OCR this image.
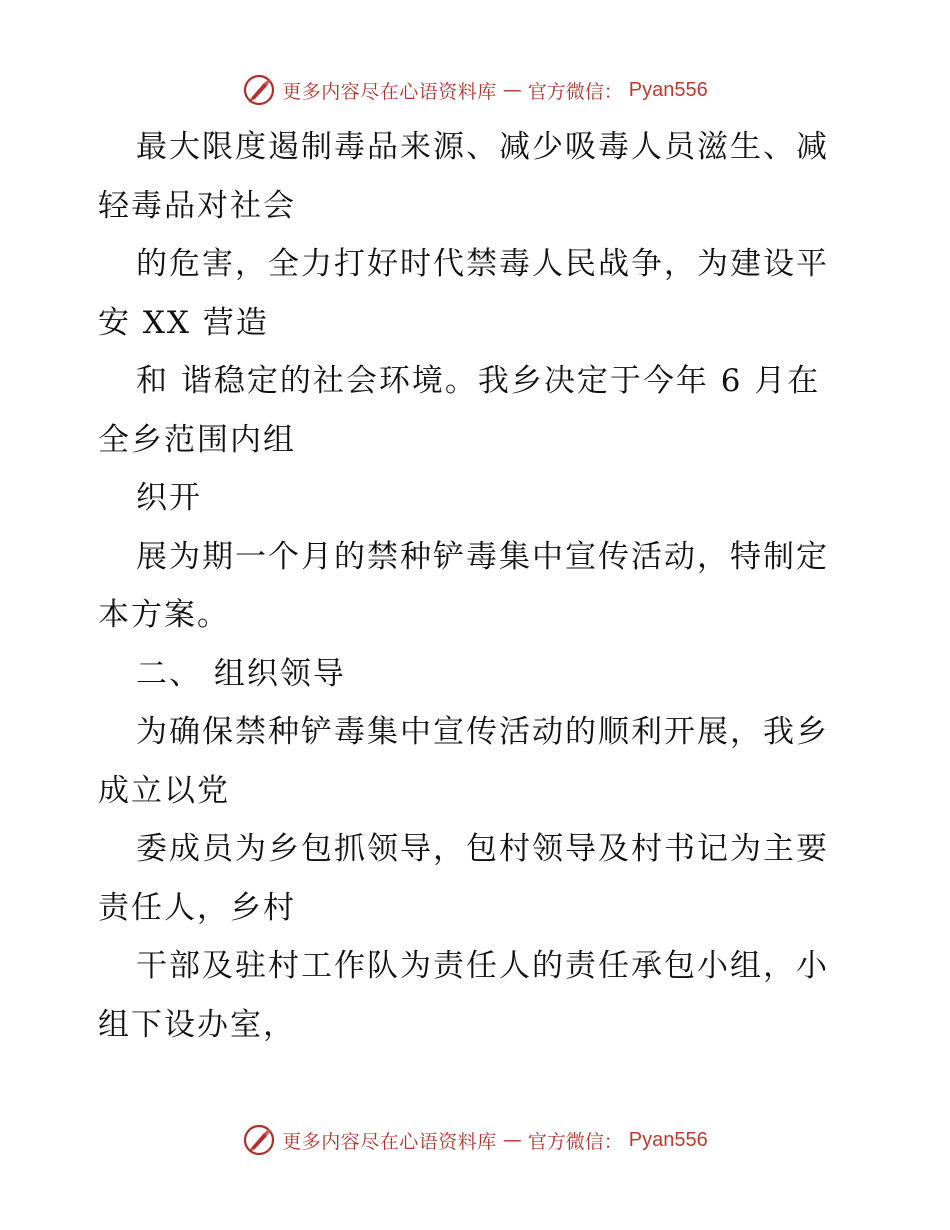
更多内容尽在心语资料库 — 官方微信： Pyan556
最大限度遏制毒品来源、减少吸毒人员滋生、减
轻毒品对社会
的危害，全力打好时代禁毒人民战争，为建设平
安 XX 营造
和 谐稳定的社会环境。我乡决定于今年 6 月在
全乡范围内组
织开
展为期一个月的禁种铲毒集中宣传活动，特制定
本方案。
二、 组织领导
为确保禁种铲毒集中宣传活动的顺利开展，我乡
成立以党
委成员为乡包抓领导，包村领导及村书记为主要
责任人，乡村
干部及驻村工作队为责任人的责任承包小组，小
组下设办室，
更多内容尽在心语资料库 — 官方微信： Pyan556
